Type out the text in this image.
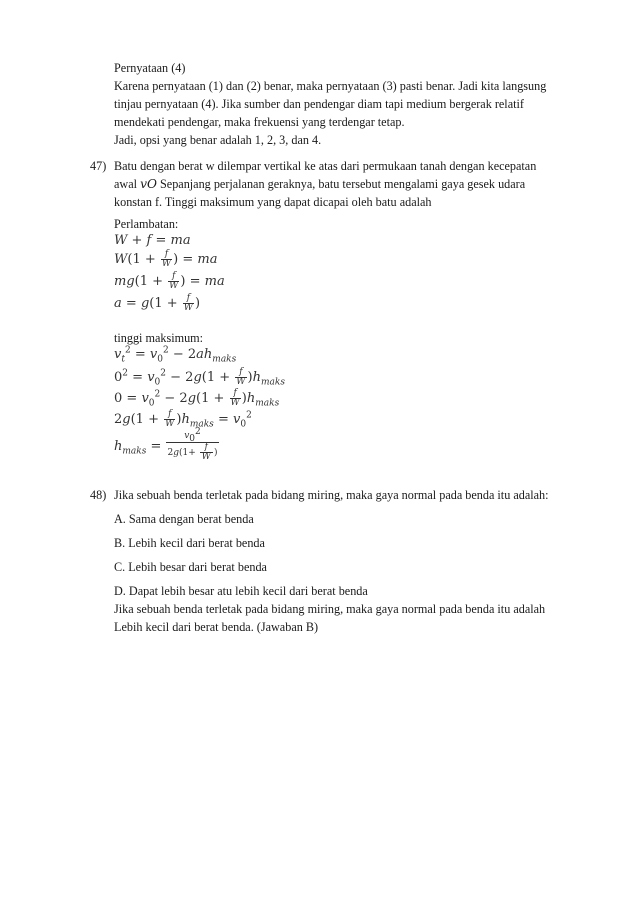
Pernyataan (4)
Karena pernyataan (1) dan (2) benar, maka pernyataan (3) pasti benar. Jadi kita langsung
tinjau pernyataan (4). Jika sumber dan pendengar diam tapi medium bergerak relatif
mendekati pendengar, maka frekuensi yang terdengar tetap.
Jadi, opsi yang benar adalah 1, 2, 3, dan 4.
47) Batu dengan berat w dilempar vertikal ke atas dari permukaan tanah dengan kecepatan
awal vO Sepanjang perjalanan geraknya, batu tersebut mengalami gaya gesek udara
konstan f. Tinggi maksimum yang dapat dicapai oleh batu adalah
Perlambatan:
W + f = ma
$W(1 + \frac{f}{W}$ ) = ma
$mg(1 + \frac{f}{W}$ ) = ma
$a = g(1 + \frac{f}{W}$ )
tinggi maksimum:
$v_t^2 = v_0^2 - 2ah_{maks}$
$0^2 = v_0^2 - 2g(1 + \frac{f}{W} )h_{maks}$
$0 = v_0^2 - 2g(1 + \frac{f}{W} )h_{maks}$
$2g(1 + \frac{f}{W} )h_{maks} = v_0^2$
$h_{maks} = \frac{v_0^2}{2g(1+ \frac{f}{W} )}$
48) Jika sebuah benda terletak pada bidang miring, maka gaya normal pada benda itu adalah:
A. Sama dengan berat benda
B. Lebih kecil dari berat benda
C. Lebih besar dari berat benda
D. Dapat lebih besar atu lebih kecil dari berat benda
Jika sebuah benda terletak pada bidang miring, maka gaya normal pada benda itu adalah
Lebih kecil dari berat benda. (Jawaban B)
